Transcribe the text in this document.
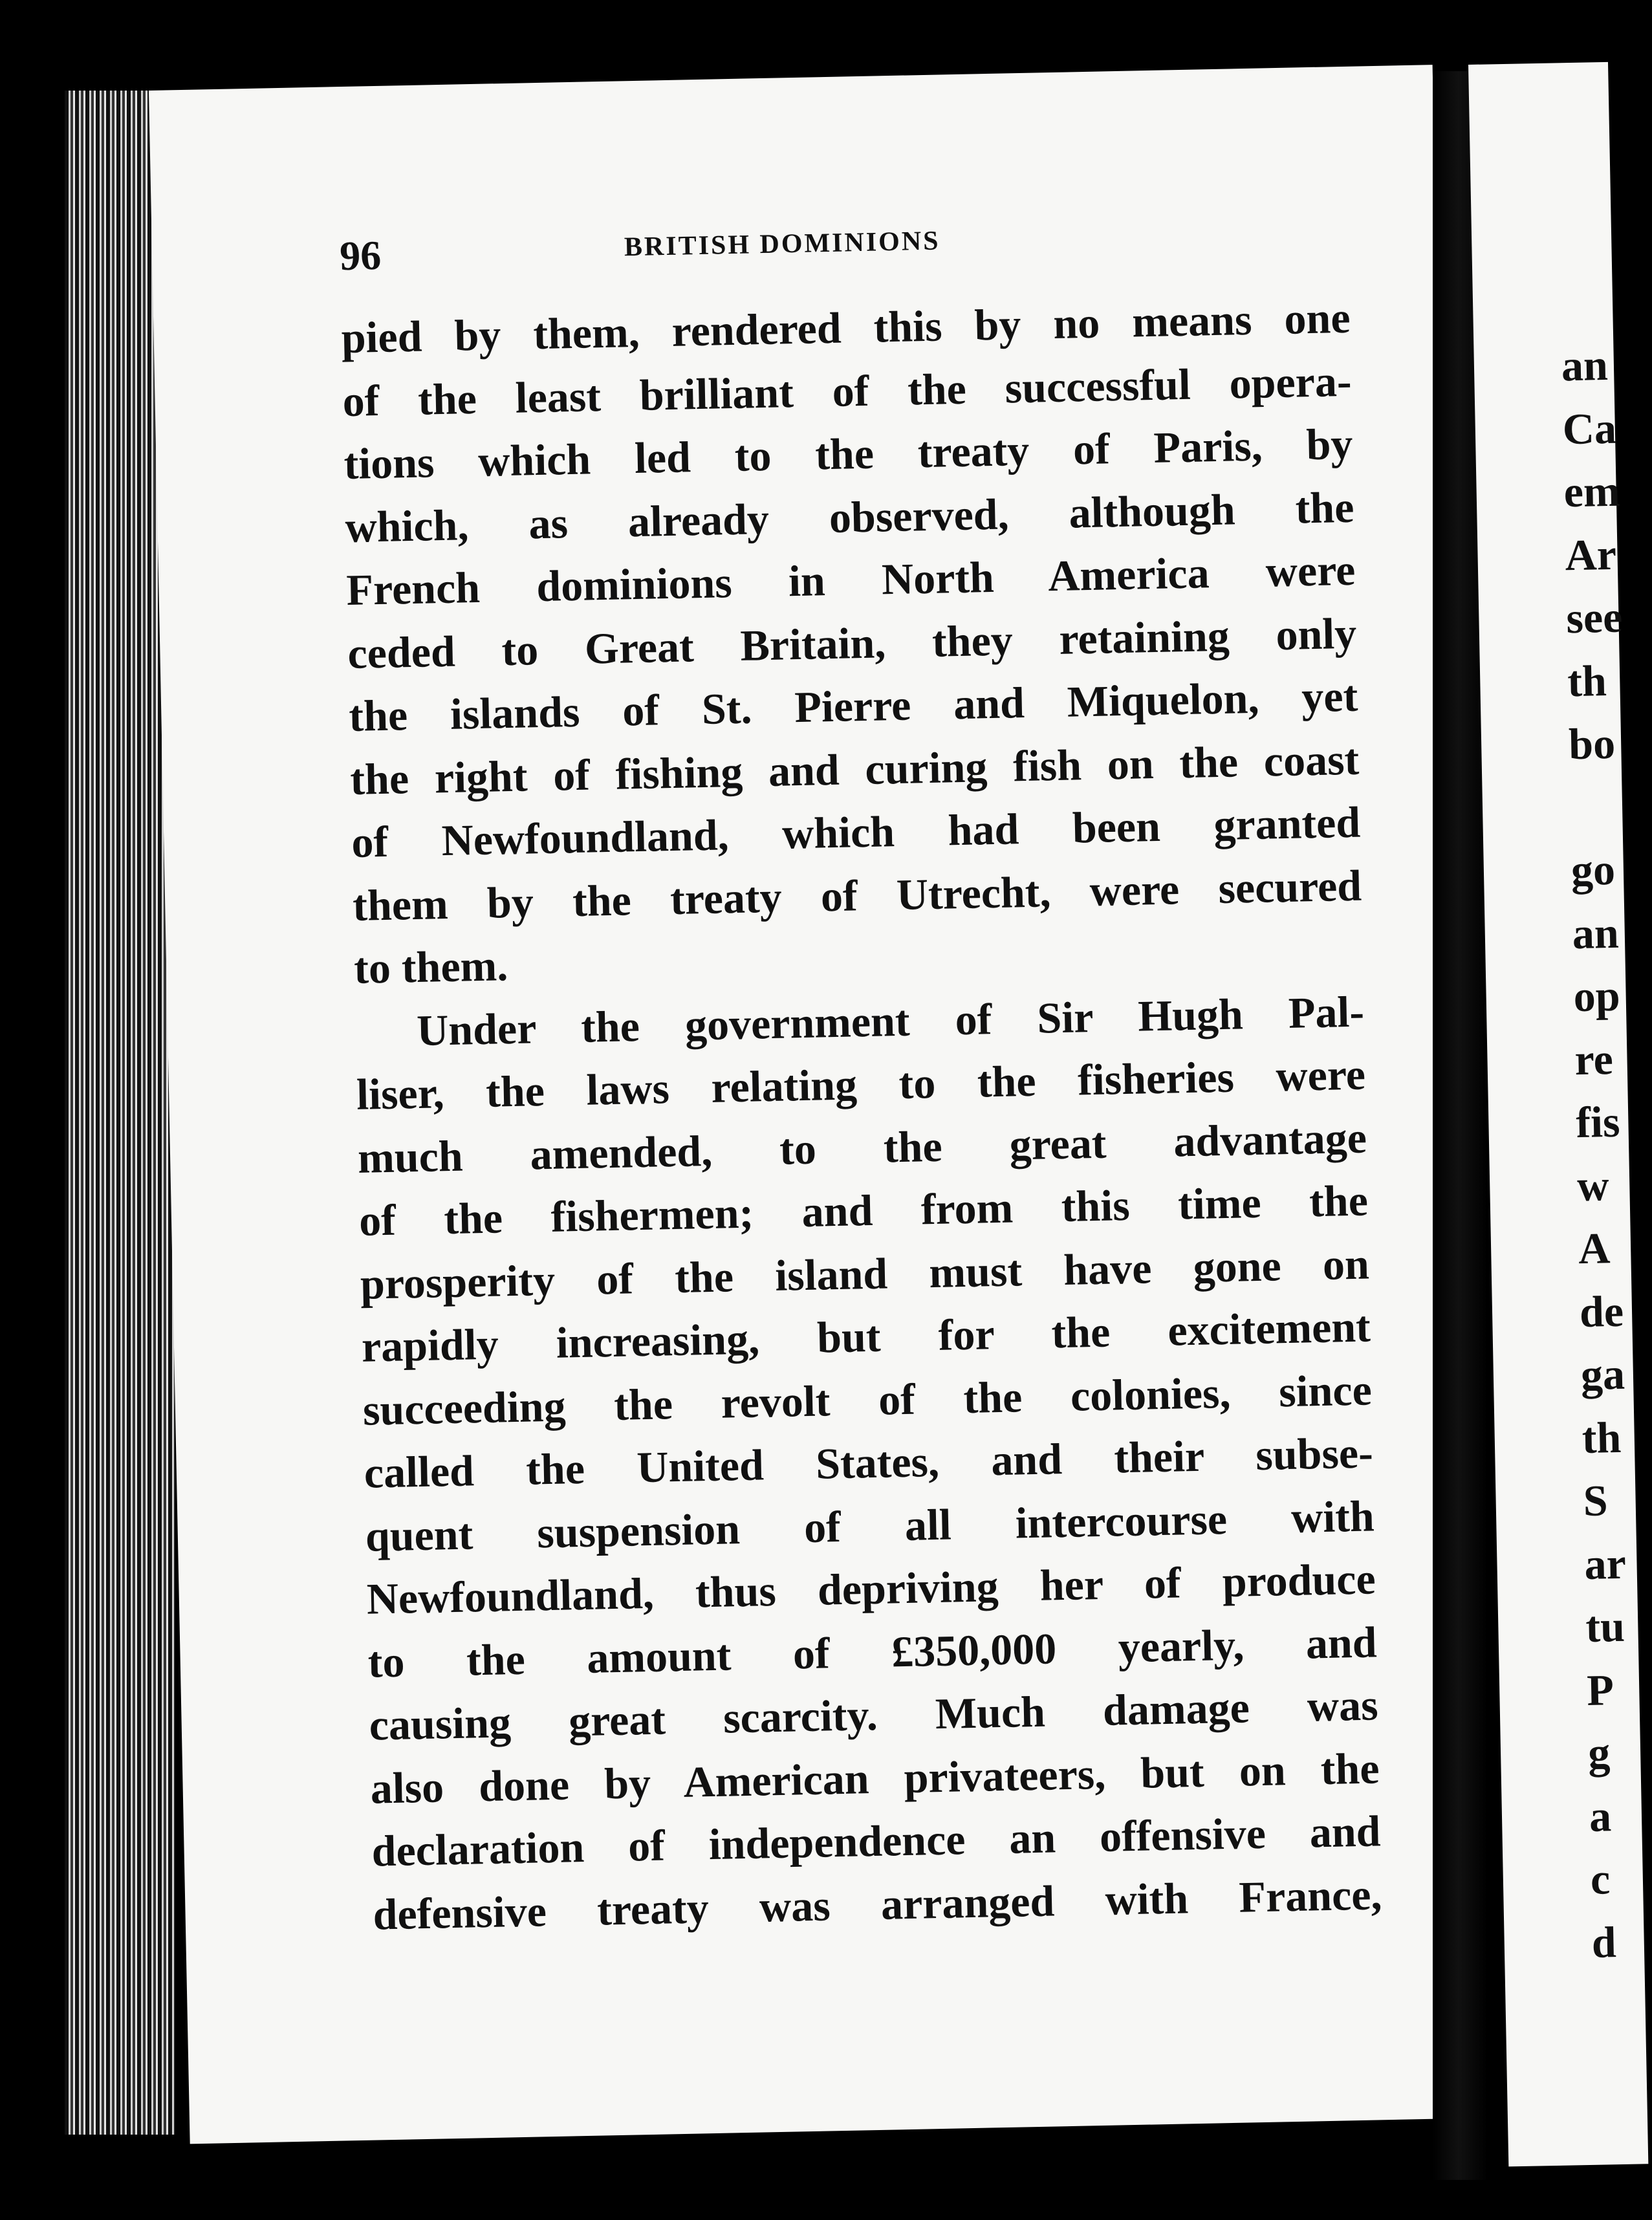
96	BRITISH DOMINIONS
pied by them, rendered this by no means one
of the least brilliant of the successful opera-
tions which led to the treaty of Paris, by
which, as already observed, although the
French dominions in North America were
ceded to Great Britain, they retaining only
the islands of St. Pierre and Miquelon, yet
the right of fishing and curing fish on the coast
of Newfoundland, which had been granted
them by the treaty of Utrecht, were secured
to them.
Under the government of Sir Hugh Pal-
liser, the laws relating to the fisheries were
much amended, to the great advantage
of the fishermen; and from this time the
prosperity of the island must have gone on
rapidly increasing, but for the excitement
succeeding the revolt of the colonies, since
called the United States, and their subse-
quent suspension of all intercourse with
Newfoundland, thus depriving her of produce
to the amount of £350,000 yearly, and
causing great scarcity. Much damage was
also done by American privateers, but on the
declaration of independence an offensive and
defensive treaty was arranged with France,
an
Ca
em
Ar
see
th
bo
go
an
op
re
fis
w
A
de
ga
th
S
ar
tu
P
g
a
c
d
